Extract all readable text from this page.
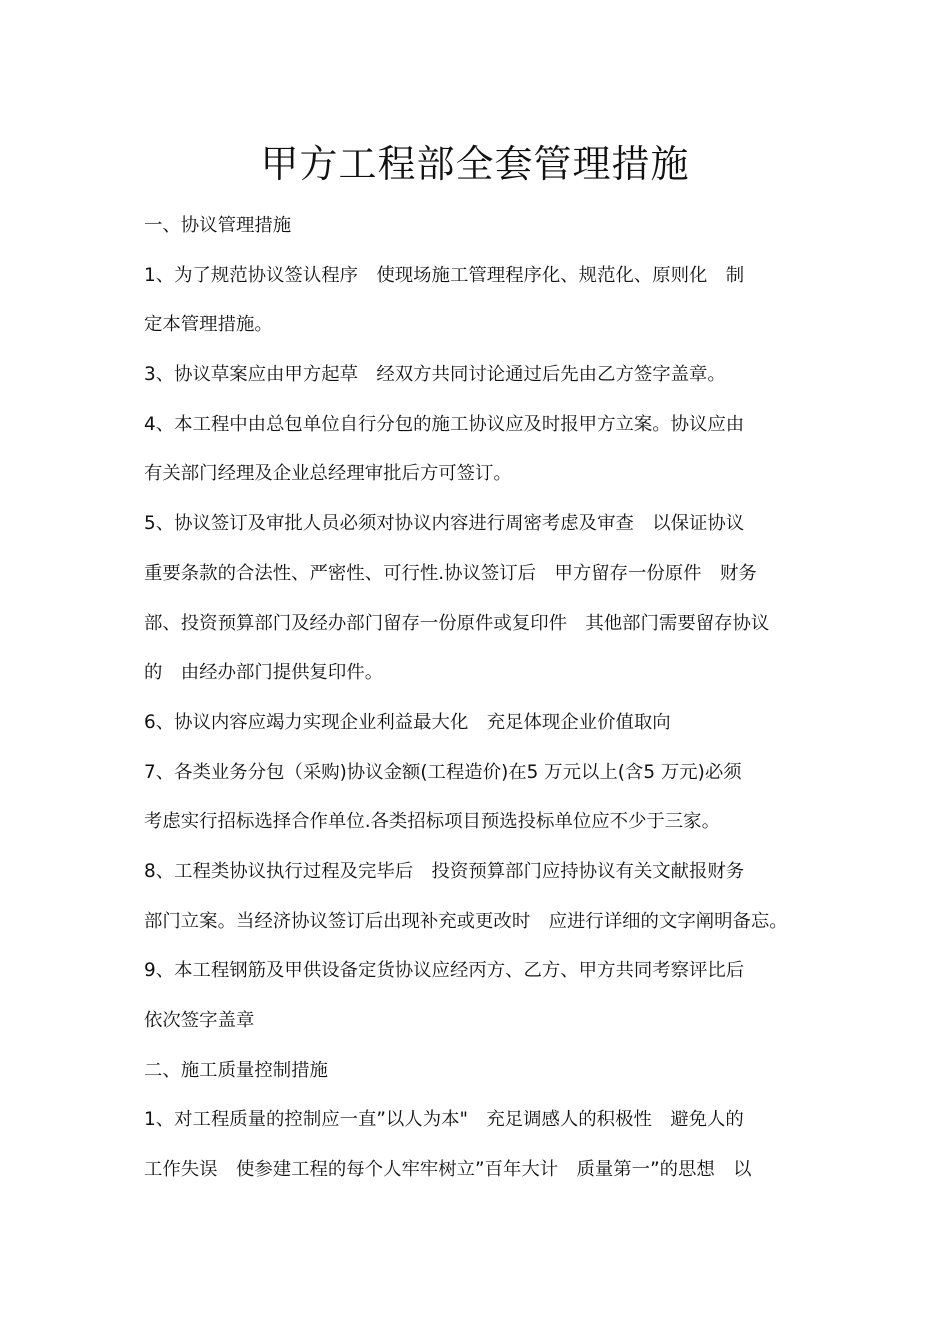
甲方工程部全套管理措施

一、协议管理措施

1、为了规范协议签认程序　使现场施工管理程序化、规范化、原则化　制

定本管理措施。

3、协议草案应由甲方起草　经双方共同讨论通过后先由乙方签字盖章。

4、本工程中由总包单位自行分包的施工协议应及时报甲方立案。协议应由

有关部门经理及企业总经理审批后方可签订。

5、协议签订及审批人员必须对协议内容进行周密考虑及审查　以保证协议

重要条款的合法性、严密性、可行性.协议签订后　甲方留存一份原件　财务

部、投资预算部门及经办部门留存一份原件或复印件　其他部门需要留存协议

的　由经办部门提供复印件。

6、协议内容应竭力实现企业利益最大化　充足体现企业价值取向

7、各类业务分包（采购)协议金额(工程造价)在5 万元以上(含5 万元)必须

考虑实行招标选择合作单位.各类招标项目预选投标单位应不少于三家。

8、工程类协议执行过程及完毕后　投资预算部门应持协议有关文献报财务

部门立案。当经济协议签订后出现补充或更改时　应进行详细的文字阐明备忘。

9、本工程钢筋及甲供设备定货协议应经丙方、乙方、甲方共同考察评比后

依次签字盖章

二、施工质量控制措施

1、对工程质量的控制应一直”以人为本"　充足调感人的积极性　避免人的

工作失误　使参建工程的每个人牢牢树立”百年大计　质量第一”的思想　以
